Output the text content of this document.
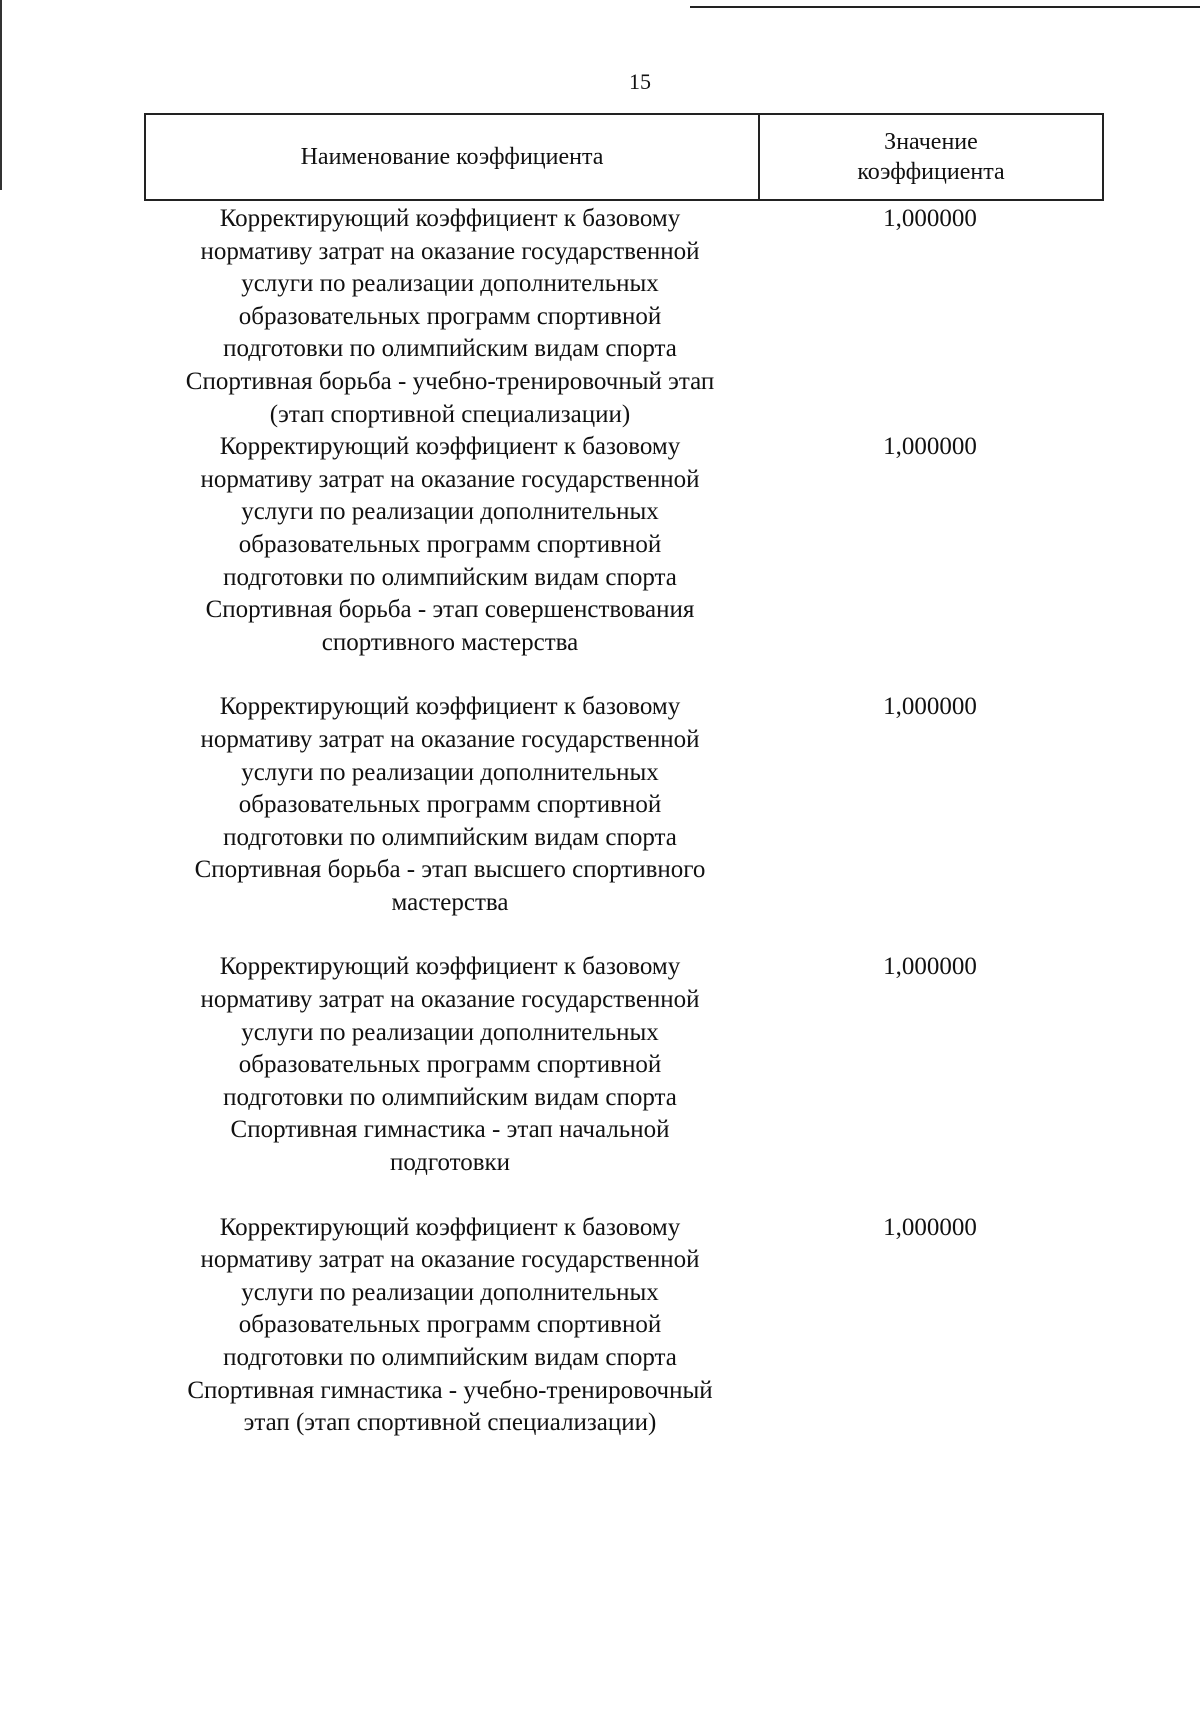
15
Наименование коэффициента
Значение
коэффициента
Корректирующий коэффициент к базовому
нормативу затрат на оказание государственной
услуги по реализации дополнительных
образовательных программ спортивной
подготовки по олимпийским видам спорта
Спортивная борьба - учебно-тренировочный этап
(этап спортивной специализации)
1,000000
Корректирующий коэффициент к базовому
нормативу затрат на оказание государственной
услуги по реализации дополнительных
образовательных программ спортивной
подготовки по олимпийским видам спорта
Спортивная борьба - этап совершенствования
спортивного мастерства
1,000000
Корректирующий коэффициент к базовому
нормативу затрат на оказание государственной
услуги по реализации дополнительных
образовательных программ спортивной
подготовки по олимпийским видам спорта
Спортивная борьба - этап высшего спортивного
мастерства
1,000000
Корректирующий коэффициент к базовому
нормативу затрат на оказание государственной
услуги по реализации дополнительных
образовательных программ спортивной
подготовки по олимпийским видам спорта
Спортивная гимнастика - этап начальной
подготовки
1,000000
Корректирующий коэффициент к базовому
нормативу затрат на оказание государственной
услуги по реализации дополнительных
образовательных программ спортивной
подготовки по олимпийским видам спорта
Спортивная гимнастика - учебно-тренировочный
этап (этап спортивной специализации)
1,000000
